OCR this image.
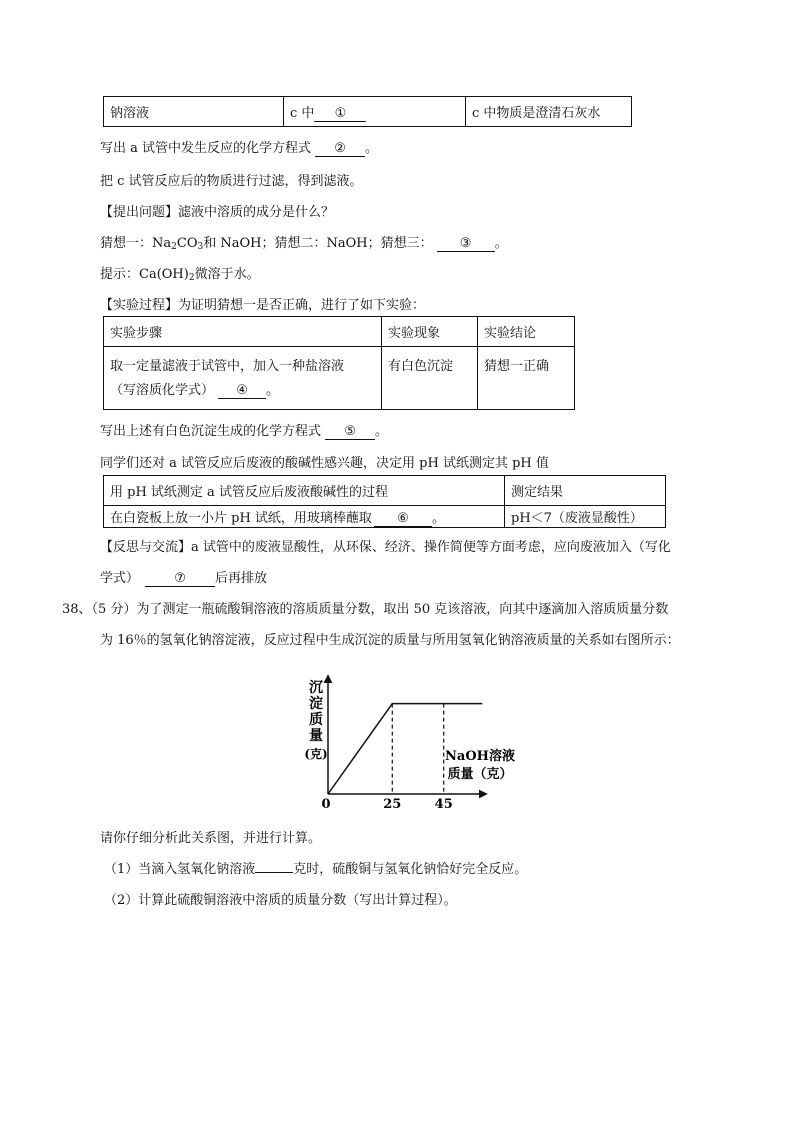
钠溶液	c 中 ①	c 中物质是澄清石灰水
写出 a 试管中发生反应的化学方程式 ② 。
把 c 试管反应后的物质进行过滤，得到滤液。
【提出问题】滤液中溶质的成分是什么？
猜想一：$Na_2CO_3$和 NaOH；猜想二：NaOH；猜想三： ③ 。
提示：$Ca(OH)_2$微溶于水。
【实验过程】为证明猜想一是否正确，进行了如下实验：
实验步骤	实验现象	实验结论

取一定量滤液于试管中，加入一种盐溶液
（写溶质化学式） ④ 。	有白色沉淀	猜想一正确
写出上述有白色沉淀生成的化学方程式 ⑤ 。
同学们还对 a 试管反应后废液的酸碱性感兴趣，决定用 pH 试纸测定其 pH 值
用 pH 试纸测定 a 试管反应后废液酸碱性的过程	测定结果
在白瓷板上放一小片 pH 试纸，用玻璃棒蘸取 ⑥ 。	pH＜7（废液显酸性）
【反思与交流】a 试管中的废液显酸性，从环保、经济、操作简便等方面考虑，应向废液加入（写化
学式）	⑦ 后再排放
38、（5 分）为了测定一瓶硫酸铜溶液的溶质质量分数，取出 50 克该溶液，向其中逐滴加入溶质质量分数
为 16％的氢氧化钠溶淀液，反应过程中生成沉淀的质量与所用氢氧化钠溶液质量的关系如右图所示：
沉
淀
质
量
(克)	NaOH溶液
质量（克）
0	25	45
请你仔细分析此关系图，并进行计算。
（1）当滴入氢氧化钠溶液	克时，硫酸铜与氢氧化钠恰好完全反应。
（2）计算此硫酸铜溶液中溶质的质量分数（写出计算过程）。
